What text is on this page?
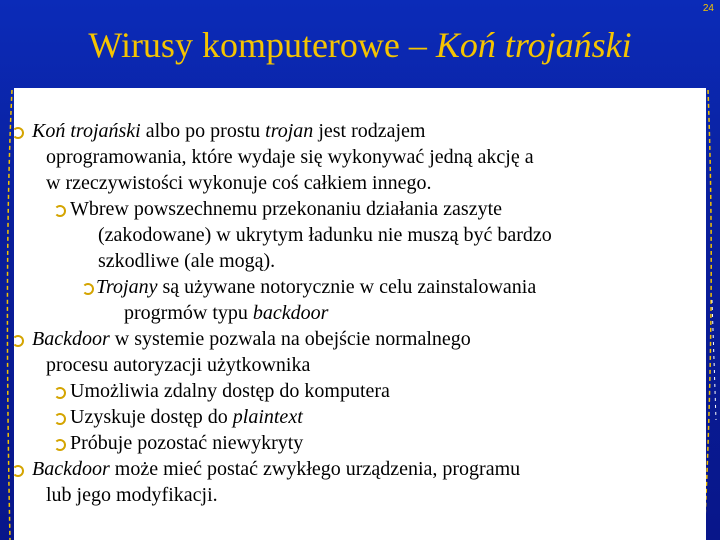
24
Wirusy komputerowe – Koń trojański
Koń trojański albo po prostu trojan jest rodzajem
oprogramowania, które wydaje się wykonywać jedną akcję a
w rzeczywistości wykonuje coś całkiem innego.
Wbrew powszechnemu przekonaniu działania zaszyte
(zakodowane) w ukrytym ładunku nie muszą być bardzo
szkodliwe (ale mogą).
Trojany są używane notorycznie w celu zainstalowania
progrmów typu backdoor
Backdoor w systemie pozwala na obejście normalnego
procesu autoryzacji użytkownika
Umożliwia zdalny dostęp do komputera
Uzyskuje dostęp do plaintext
Próbuje pozostać niewykryty
Backdoor może mieć postać zwykłego urządzenia, programu
lub jego modyfikacji.
